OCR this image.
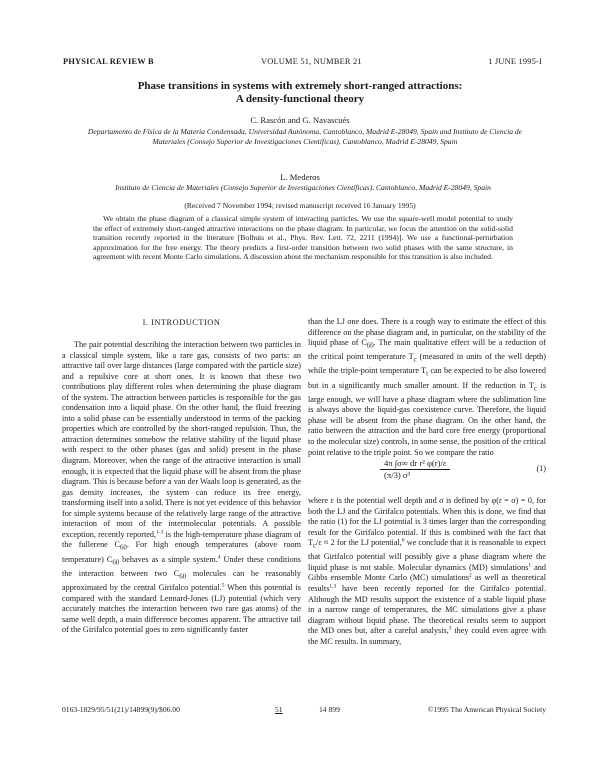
PHYSICAL REVIEW B	VOLUME 51, NUMBER 21	1 JUNE 1995-I
Phase transitions in systems with extremely short-ranged attractions:
A density-functional theory
C. Rascón and G. Navascués
Departamento de Física de la Materia Condensada, Universidad Autónoma, Cantoblanco, Madrid E-28049, Spain and Instituto de Ciencia de Materiales (Consejo Superior de Investigaciones Científicas), Cantoblanco, Madrid E-28049, Spain
L. Mederos
Instituto de Ciencia de Materiales (Consejo Superior de Investigaciones Científicas), Cantoblanco, Madrid E-28049, Spain
(Received 7 November 1994; revised manuscript received 16 January 1995)
We obtain the phase diagram of a classical simple system of interacting particles. We use the square-well model potential to study the effect of extremely short-ranged attractive interactions on the phase diagram. In particular, we focus the attention on the solid-solid transition recently reported in the literature [Bolhuis et al., Phys. Rev. Lett. 72, 2211 (1994)]. We use a functional-perturbation approximation for the free energy. The theory predicts a first-order transition between two solid phases with the same structure, in agreement with recent Monte Carlo simulations. A discussion about the mechanism responsible for this transition is also included.
I. INTRODUCTION

The pair potential describing the interaction between two particles in a classical simple system, like a rare gas, consists of two parts: an attractive tail over large distances (large compared with the particle size) and a repulsive core at short ones. It is known that these two contributions play different roles when determining the phase diagram of the system. The attraction between particles is responsible for the gas condensation into a liquid phase. On the other hand, the fluid freezing into a solid phase can be essentially understood in terms of the packing properties which are controlled by the short-ranged repulsion. Thus, the attraction determines somehow the relative stability of the liquid phase with respect to the other phases (gas and solid) present in the phase diagram. Moreover, when the range of the attractive interaction is small enough, it is expected that the liquid phase will be absent from the phase diagram. This is because before a van der Waals loop is generated, as the gas density increases, the system can reduce its free energy, transforming itself into a solid. There is not yet evidence of this behavior for simple systems because of the relatively large range of the attractive interaction of most of the intermolecular potentials. A possible exception, recently reported,$^{1-3}$ is the high-temperature phase diagram of the fullerene $C_{60}$. For high enough temperatures (above room temperature) $C_{60}$ behaves as a simple system.$^4$ Under these conditions the interaction between two $C_{60}$ molecules can be reasonably approximated by the central Girifalco potential.$^5$ When this potential is compared with the standard Lennard-Jones (LJ) potential (which very accurately matches the interaction between two rare gas atoms) of the same well depth, a main difference becomes apparent. The attractive tail of the Girifalco potential goes to zero significantly faster

than the LJ one does. There is a rough way to estimate the effect of this difference on the phase diagram and, in particular, on the stability of the liquid phase of $C_{60}$. The main qualitative effect will be a reduction of the critical point temperature $T_c$ (measured in units of the well depth) while the triple-point temperature $T_t$ can be expected to be also lowered but in a significantly much smaller amount. If the reduction in $T_c$ is large enough, we will have a phase diagram where the sublimation line is always above the liquid-gas coexistence curve. Therefore, the liquid phase will be absent from the phase diagram. On the other hand, the ratio between the attraction and the hard core free energy (proportional to the molecular size) controls, in some sense, the position of the critical point relative to the triple point. So we compare the ratio

$\frac{\text{4π ∫σ∞ dr r² φ(r)/ε}}{\text{(π/3) σ³}}$	(1)

where ε is the potential well depth and σ is defined by φ(r = σ) = 0, for both the LJ and the Girifalco potentials. When this is done, we find that the ratio (1) for the LJ potential is 3 times larger than the corresponding result for the Girifalco potential. If this is combined with the fact that $T_c/\varepsilon \approx 2$ for the LJ potential,$^6$ we conclude that it is reasonable to expect that Girifalco potential will possibly give a phase diagram where the liquid phase is not stable. Molecular dynamics (MD) simulations$^1$ and Gibbs ensemble Monte Carlo (MC) simulations$^2$ as well as theoretical results$^{1,3}$ have been recently reported for the Girifalco potential. Although the MD results support the existence of a stable liquid phase in a narrow range of temperatures, the MC simulations give a phase diagram without liquid phase. The theoretical results seem to support the MD ones but, after a careful analysis,$^3$ they could even agree with the MC results. In summary,

0163-1829/95/51(21)/14899(9)/$06.00	51	14 899	©1995 The American Physical Society
